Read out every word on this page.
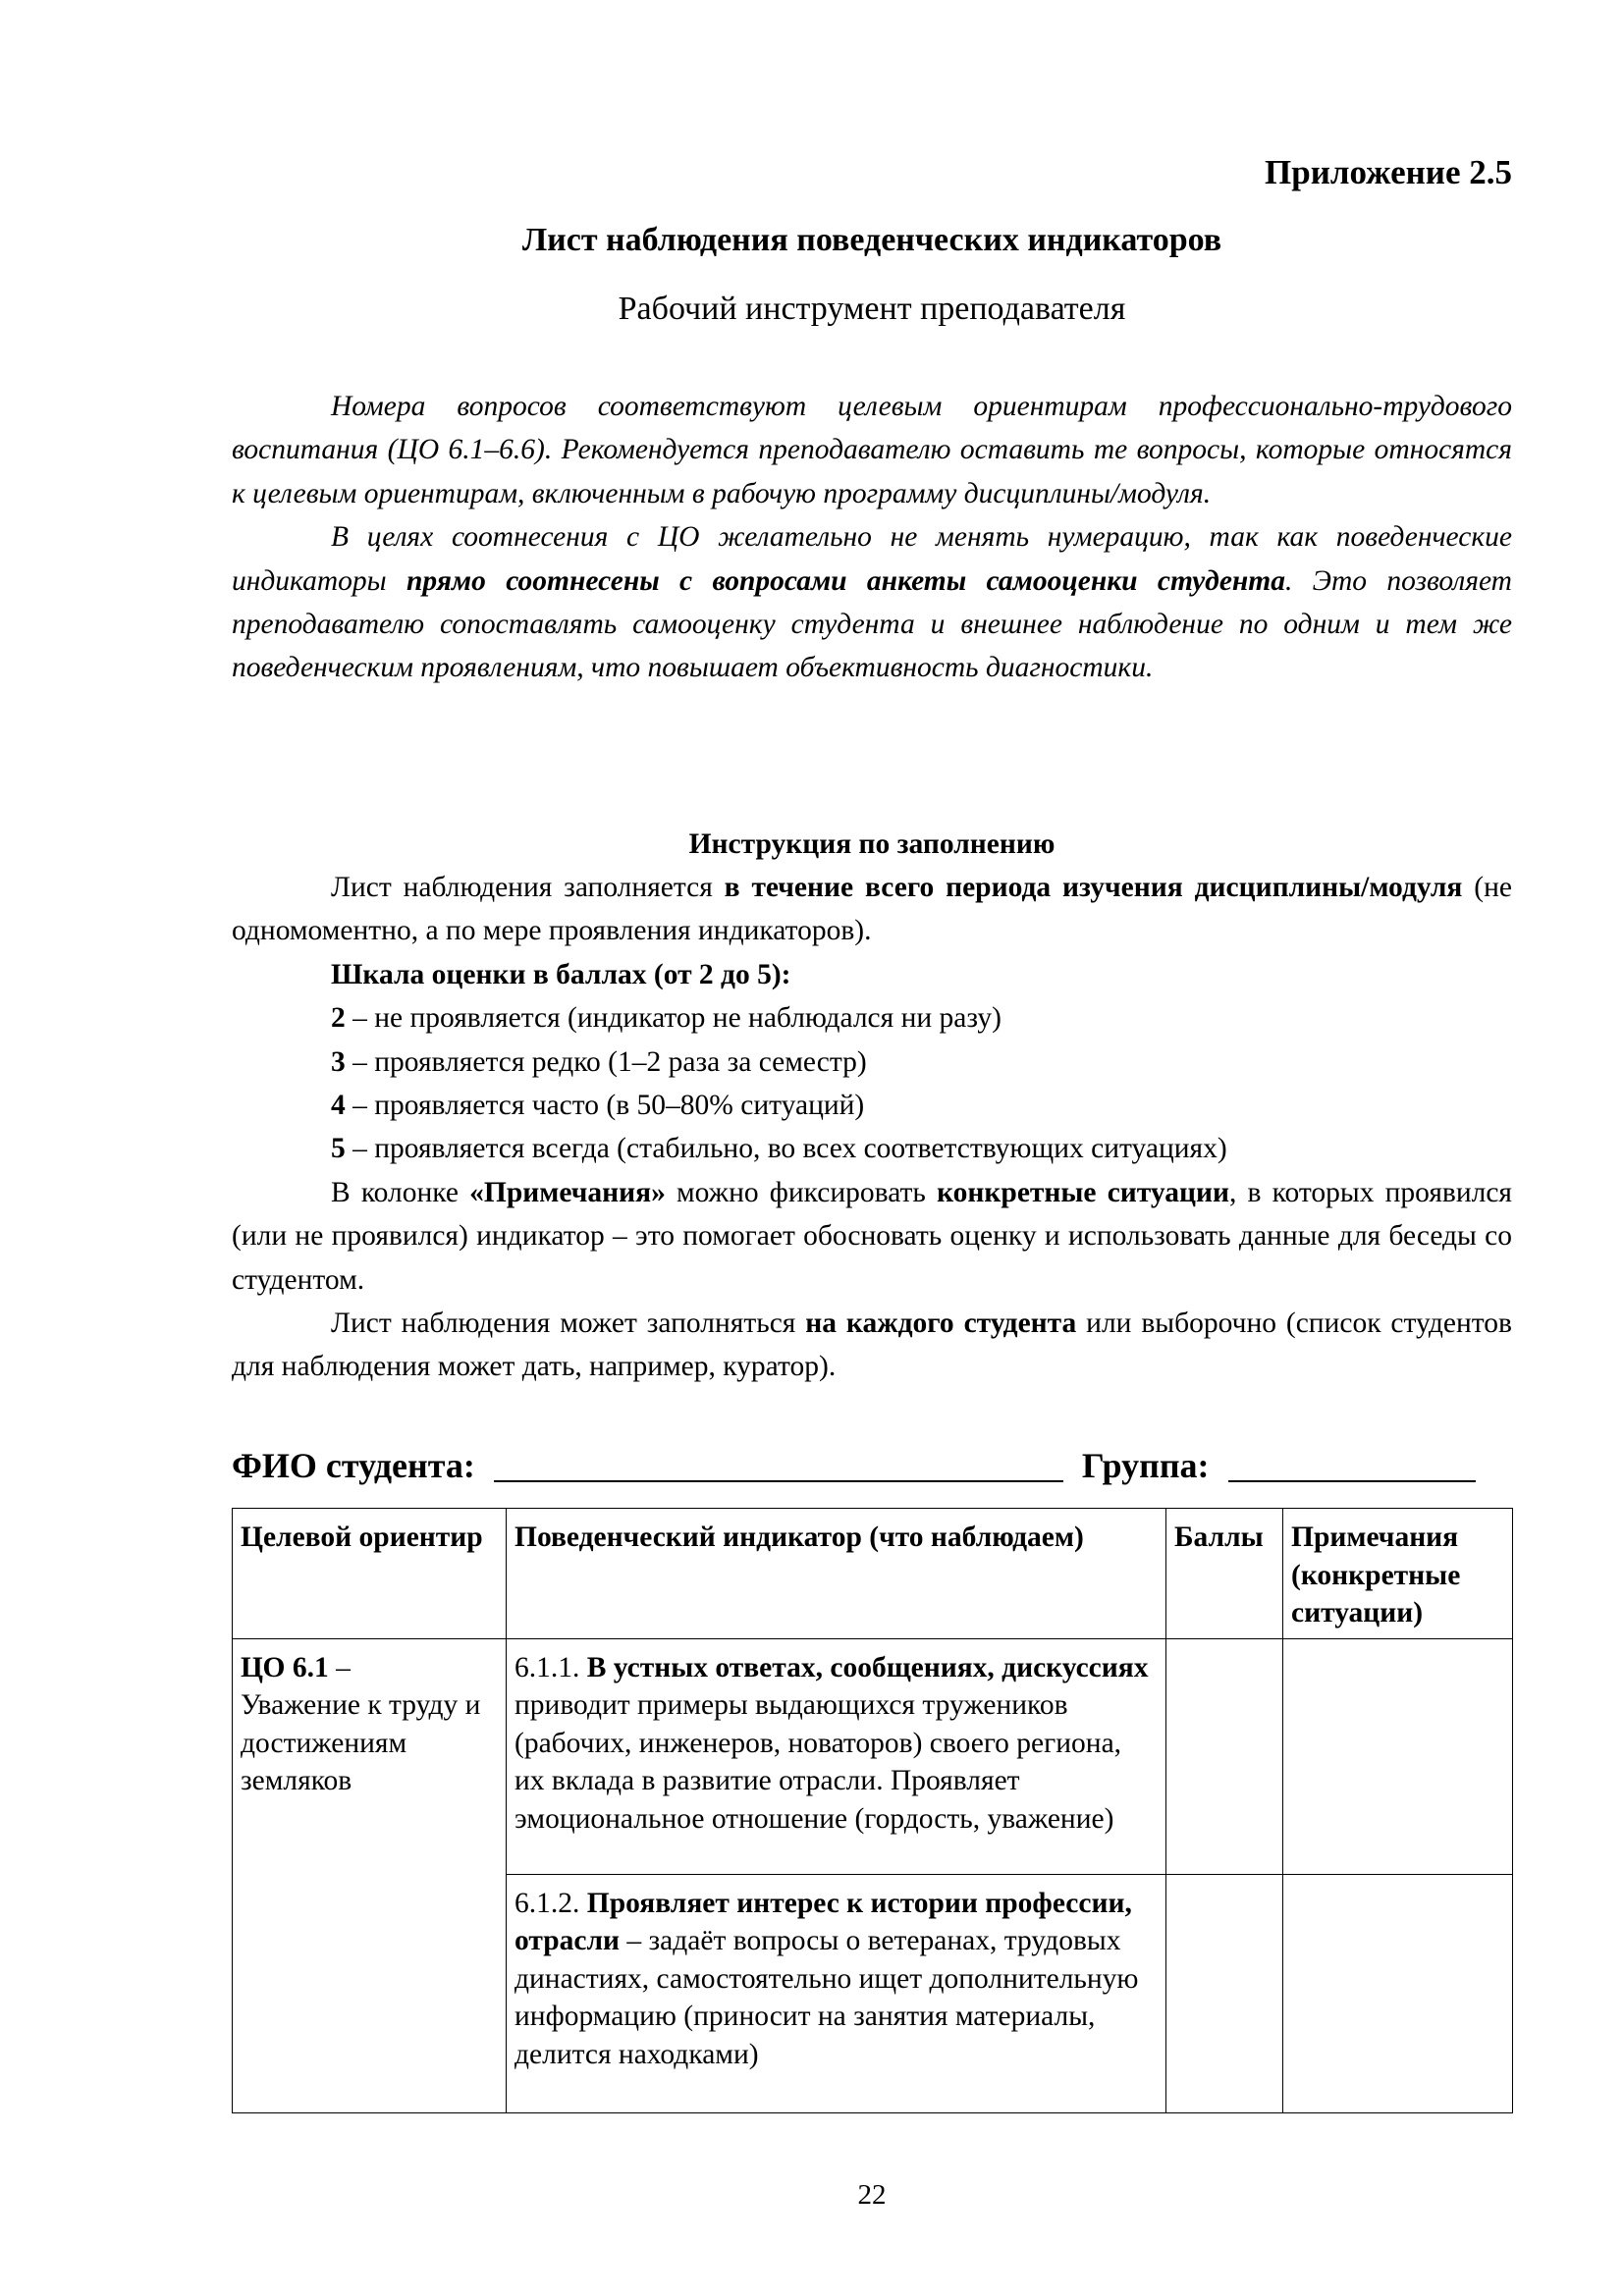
Приложение 2.5
Лист наблюдения поведенческих индикаторов
Рабочий инструмент преподавателя

Номера вопросов соответствуют целевым ориентирам профессионально-трудового воспитания (ЦО 6.1–6.6). Рекомендуется преподавателю оставить те вопросы, которые относятся к целевым ориентирам, включенным в рабочую программу дисциплины/модуля.

В целях соотнесения с ЦО желательно не менять нумерацию, так как поведенческие индикаторы прямо соотнесены с вопросами анкеты самооценки студента. Это позволяет преподавателю сопоставлять самооценку студента и внешнее наблюдение по одним и тем же поведенческим проявлениям, что повышает объективность диагностики.

Инструкция по заполнению

Лист наблюдения заполняется в течение всего периода изучения дисциплины/модуля (не одномоментно, а по мере проявления индикаторов).

Шкала оценки в баллах (от 2 до 5):

2 – не проявляется (индикатор не наблюдался ни разу)

3 – проявляется редко (1–2 раза за семестр)

4 – проявляется часто (в 50–80% ситуаций)

5 – проявляется всегда (стабильно, во всех соответствующих ситуациях)

В колонке «Примечания» можно фиксировать конкретные ситуации, в которых проявился (или не проявился) индикатор – это помогает обосновать оценку и использовать данные для беседы со студентом.

Лист наблюдения может заполняться на каждого студента или выборочно (список студентов для наблюдения может дать, например, куратор).

ФИО студента:	Группа:
Целевой ориентир	Поведенческий индикатор (что наблюдаем)	Баллы	Примечания (конкретные ситуации)
ЦО 6.1 –
Уважение к труду и достижениям земляков	6.1.1. В устных ответах, сообщениях, дискуссиях приводит примеры выдающихся тружеников (рабочих, инженеров, новаторов) своего региона, их вклада в развитие отрасли. Проявляет эмоциональное отношение (гордость, уважение)		
	6.1.2. Проявляет интерес к истории профессии, отрасли – задаёт вопросы о ветеранах, трудовых династиях, самостоятельно ищет дополнительную информацию (приносит на занятия материалы, делится находками)		
22
